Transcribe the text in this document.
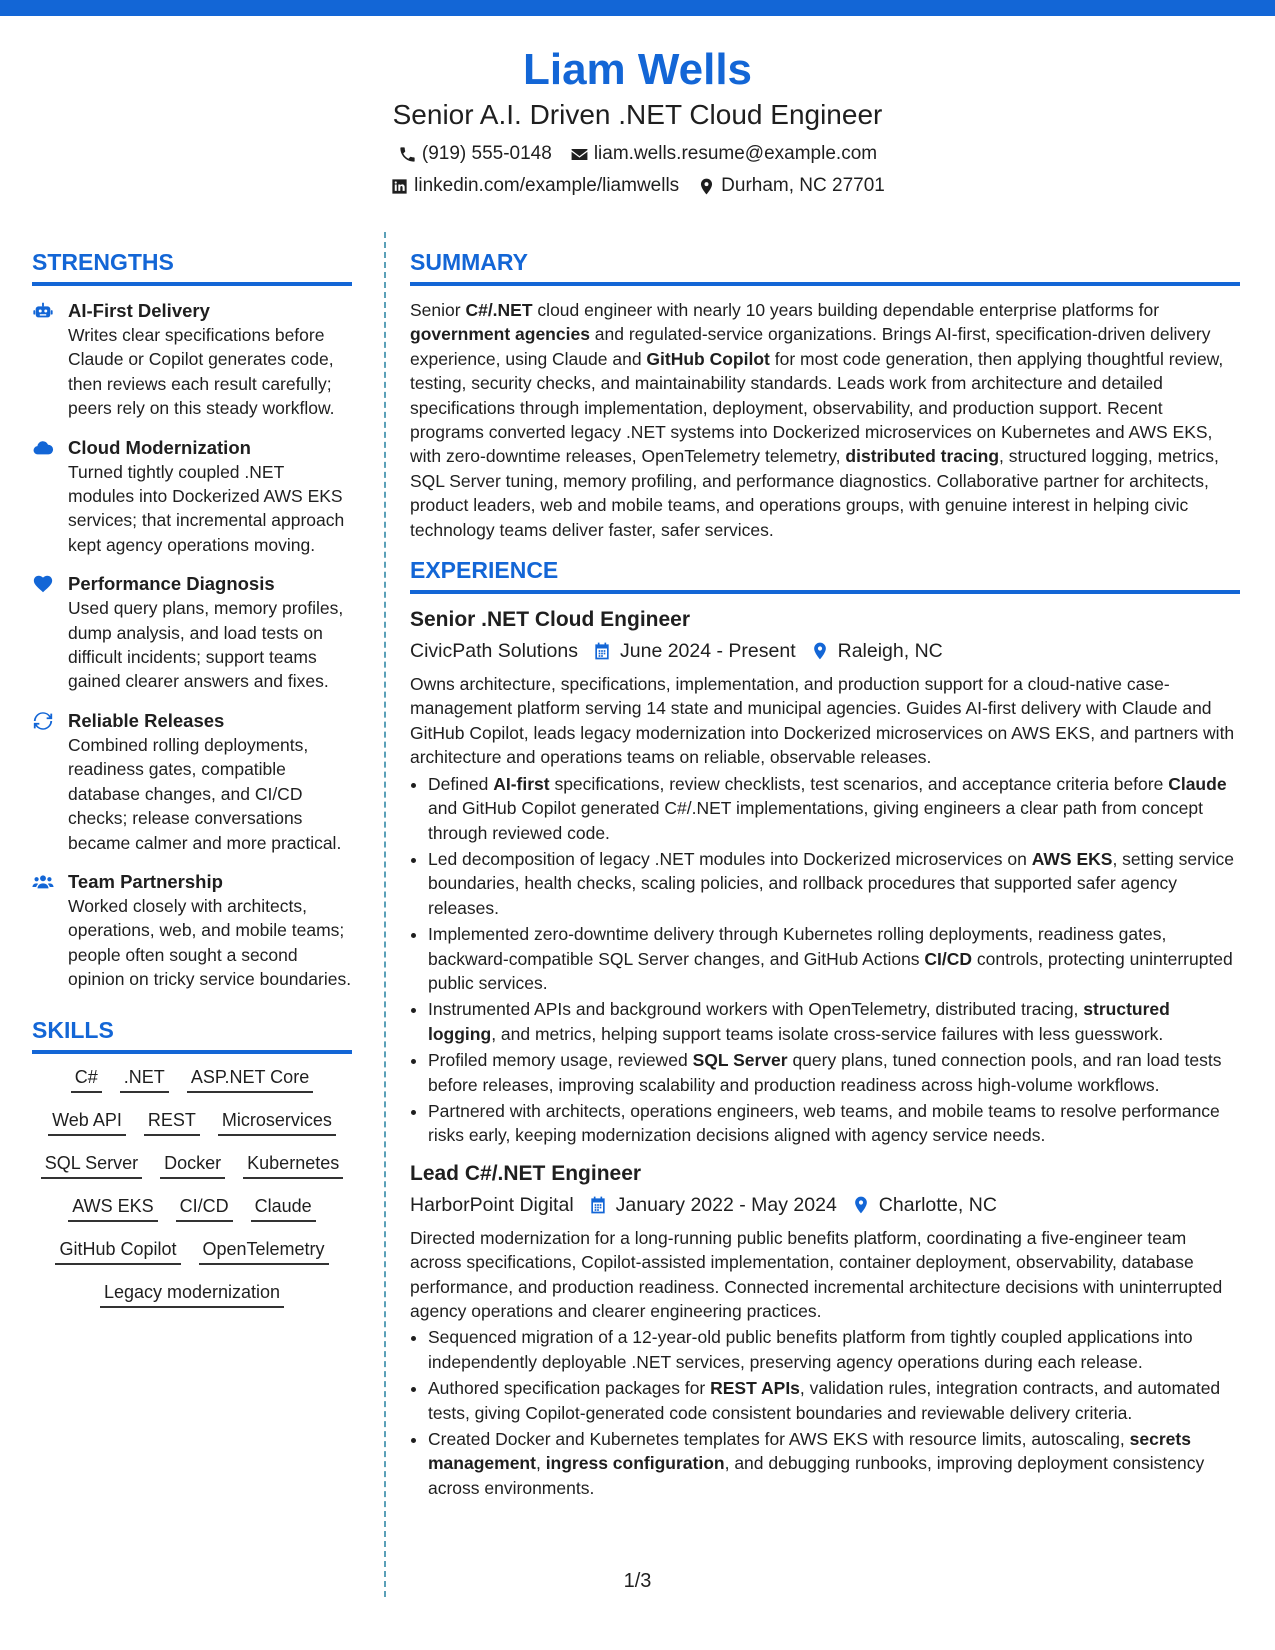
Liam Wells
Senior A.I. Driven .NET Cloud Engineer
(919) 555-0148 liam.wells.resume@example.com
linkedin.com/example/liamwells Durham, NC 27701
STRENGTHS
AI-First Delivery
Writes clear specifications before Claude or Copilot generates code, then reviews each result carefully; peers rely on this steady workflow.
Cloud Modernization
Turned tightly coupled .NET modules into Dockerized AWS EKS services; that incremental approach kept agency operations moving.
Performance Diagnosis
Used query plans, memory profiles, dump analysis, and load tests on difficult incidents; support teams gained clearer answers and fixes.
Reliable Releases
Combined rolling deployments, readiness gates, compatible database changes, and CI/CD checks; release conversations became calmer and more practical.
Team Partnership
Worked closely with architects, operations, web, and mobile teams; people often sought a second opinion on tricky service boundaries.
SKILLS
C# .NET ASP.NET Core
Web API REST Microservices
SQL Server Docker Kubernetes
AWS EKS CI/CD Claude
GitHub Copilot OpenTelemetry
Legacy modernization
SUMMARY
Senior C#/.NET cloud engineer with nearly 10 years building dependable enterprise platforms for government agencies and regulated-service organizations. Brings AI-first, specification-driven delivery experience, using Claude and GitHub Copilot for most code generation, then applying thoughtful review, testing, security checks, and maintainability standards. Leads work from architecture and detailed specifications through implementation, deployment, observability, and production support. Recent programs converted legacy .NET systems into Dockerized microservices on Kubernetes and AWS EKS, with zero-downtime releases, OpenTelemetry telemetry, distributed tracing, structured logging, metrics, SQL Server tuning, memory profiling, and performance diagnostics. Collaborative partner for architects, product leaders, web and mobile teams, and operations groups, with genuine interest in helping civic technology teams deliver faster, safer services.
EXPERIENCE
Senior .NET Cloud Engineer
CivicPath Solutions June 2024 - Present Raleigh, NC
Owns architecture, specifications, implementation, and production support for a cloud-native case-management platform serving 14 state and municipal agencies. Guides AI-first delivery with Claude and GitHub Copilot, leads legacy modernization into Dockerized microservices on AWS EKS, and partners with architecture and operations teams on reliable, observable releases.
• Defined AI-first specifications, review checklists, test scenarios, and acceptance criteria before Claude and GitHub Copilot generated C#/.NET implementations, giving engineers a clear path from concept through reviewed code.
• Led decomposition of legacy .NET modules into Dockerized microservices on AWS EKS, setting service boundaries, health checks, scaling policies, and rollback procedures that supported safer agency releases.
• Implemented zero-downtime delivery through Kubernetes rolling deployments, readiness gates, backward-compatible SQL Server changes, and GitHub Actions CI/CD controls, protecting uninterrupted public services.
• Instrumented APIs and background workers with OpenTelemetry, distributed tracing, structured logging, and metrics, helping support teams isolate cross-service failures with less guesswork.
• Profiled memory usage, reviewed SQL Server query plans, tuned connection pools, and ran load tests before releases, improving scalability and production readiness across high-volume workflows.
• Partnered with architects, operations engineers, web teams, and mobile teams to resolve performance risks early, keeping modernization decisions aligned with agency service needs.
Lead C#/.NET Engineer
HarborPoint Digital January 2022 - May 2024 Charlotte, NC
Directed modernization for a long-running public benefits platform, coordinating a five-engineer team across specifications, Copilot-assisted implementation, container deployment, observability, database performance, and production readiness. Connected incremental architecture decisions with uninterrupted agency operations and clearer engineering practices.
• Sequenced migration of a 12-year-old public benefits platform from tightly coupled applications into independently deployable .NET services, preserving agency operations during each release.
• Authored specification packages for REST APIs, validation rules, integration contracts, and automated tests, giving Copilot-generated code consistent boundaries and reviewable delivery criteria.
• Created Docker and Kubernetes templates for AWS EKS with resource limits, autoscaling, secrets management, ingress configuration, and debugging runbooks, improving deployment consistency across environments.
1/3
